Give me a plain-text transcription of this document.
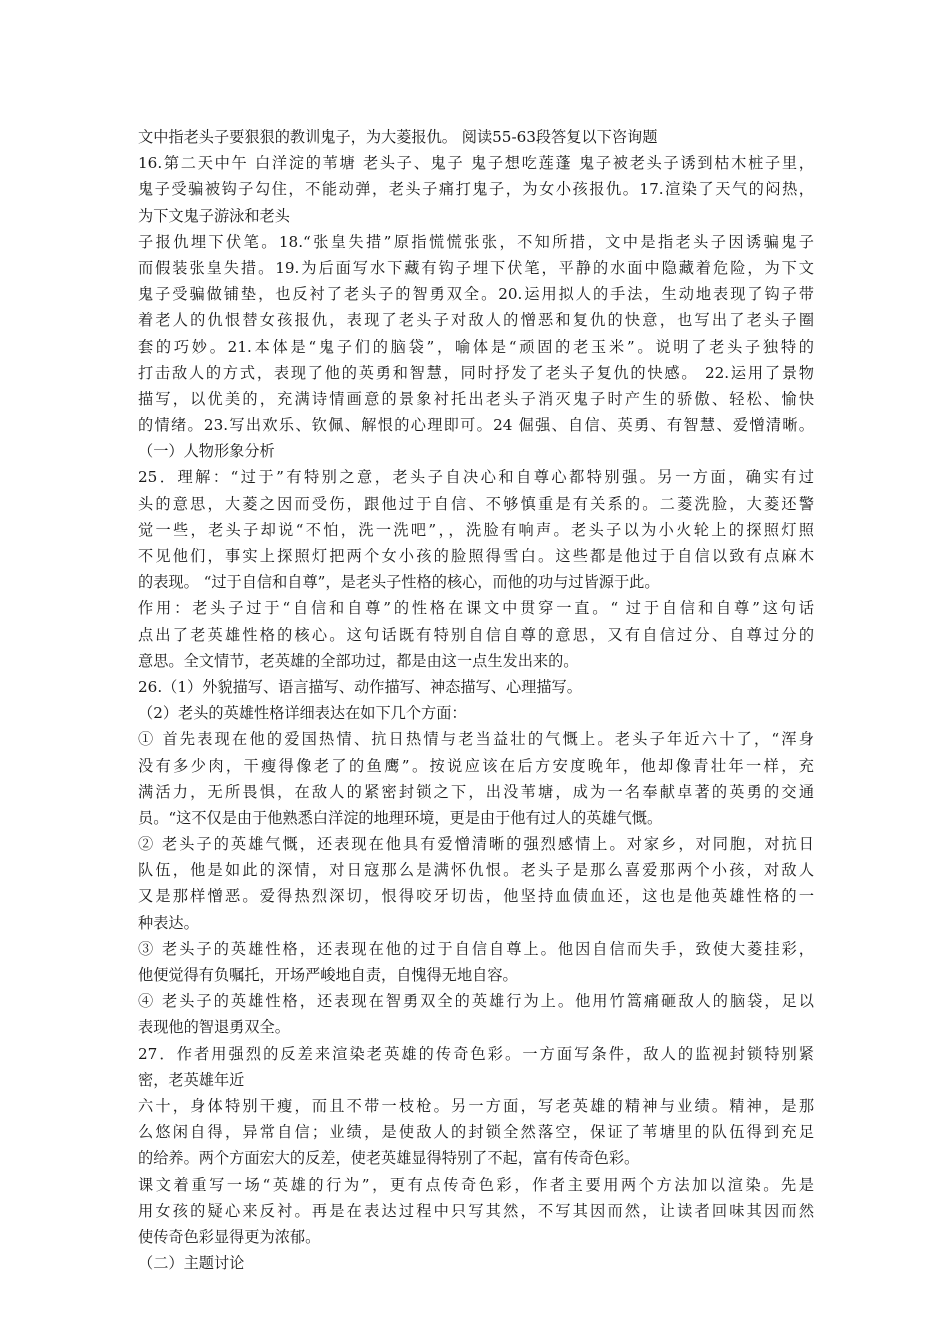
文中指老头子要狠狠的教训鬼子，为大菱报仇。 阅读55-63段答复以下咨询题
16.第二天中午 白洋淀的苇塘 老头子、鬼子 鬼子想吃莲蓬 鬼子被老头子诱到枯木桩子里，
鬼子受骗被钩子勾住，不能动弹，老头子痛打鬼子，为女小孩报仇。17.渲染了天气的闷热，
为下文鬼子游泳和老头
子报仇埋下伏笔。18.“张皇失措”原指慌慌张张，不知所措，文中是指老头子因诱骗鬼子
而假装张皇失措。19.为后面写水下藏有钩子埋下伏笔，平静的水面中隐藏着危险，为下文
鬼子受骗做铺垫，也反衬了老头子的智勇双全。20.运用拟人的手法，生动地表现了钩子带
着老人的仇恨替女孩报仇，表现了老头子对敌人的憎恶和复仇的快意，也写出了老头子圈
套的巧妙。21.本体是“鬼子们的脑袋”，喻体是“顽固的老玉米”。说明了老头子独特的
打击敌人的方式，表现了他的英勇和智慧，同时抒发了老头子复仇的快感。 22.运用了景物
描写，以优美的，充满诗情画意的景象衬托出老头子消灭鬼子时产生的骄傲、轻松、愉快
的情绪。23.写出欢乐、钦佩、解恨的心理即可。24 倔强、自信、英勇、有智慧、爱憎清晰。
（一）人物形象分析
25．理解：“过于”有特别之意，老头子自决心和自尊心都特别强。另一方面，确实有过
头的意思，大菱之因而受伤，跟他过于自信、不够慎重是有关系的。二菱洗脸，大菱还警
觉一些，老头子却说“不怕，洗一洗吧”，，洗脸有响声。老头子以为小火轮上的探照灯照
不见他们，事实上探照灯把两个女小孩的脸照得雪白。这些都是他过于自信以致有点麻木
的表现。 “过于自信和自尊”，是老头子性格的核心，而他的功与过皆源于此。
作用：老头子过于“自信和自尊”的性格在课文中贯穿一直。“ 过于自信和自尊”这句话
点出了老英雄性格的核心。这句话既有特别自信自尊的意思，又有自信过分、自尊过分的
意思。全文情节，老英雄的全部功过，都是由这一点生发出来的。
26.（1）外貌描写、语言描写、动作描写、神态描写、心理描写。
（2）老头的英雄性格详细表达在如下几个方面：
① 首先表现在他的爱国热情、抗日热情与老当益壮的气慨上。老头子年近六十了，“浑身
没有多少肉，干瘦得像老了的鱼鹰”。按说应该在后方安度晚年，他却像青壮年一样，充
满活力，无所畏惧，在敌人的紧密封锁之下，出没苇塘，成为一名奉献卓著的英勇的交通
员。“这不仅是由于他熟悉白洋淀的地理环境，更是由于他有过人的英雄气慨。
② 老头子的英雄气慨，还表现在他具有爱憎清晰的强烈感情上。对家乡，对同胞，对抗日
队伍，他是如此的深情，对日寇那么是满怀仇恨。老头子是那么喜爱那两个小孩，对敌人
又是那样憎恶。爱得热烈深切，恨得咬牙切齿，他坚持血债血还，这也是他英雄性格的一
种表达。
③ 老头子的英雄性格，还表现在他的过于自信自尊上。他因自信而失手，致使大菱挂彩，
他便觉得有负嘱托，开场严峻地自责，自愧得无地自容。
④ 老头子的英雄性格，还表现在智勇双全的英雄行为上。他用竹篙痛砸敌人的脑袋，足以
表现他的智退勇双全。
27．作者用强烈的反差来渲染老英雄的传奇色彩。一方面写条件，敌人的监视封锁特别紧
密，老英雄年近
六十，身体特别干瘦，而且不带一枝枪。另一方面，写老英雄的精神与业绩。精神，是那
么悠闲自得，异常自信；业绩，是使敌人的封锁全然落空，保证了苇塘里的队伍得到充足
的给养。两个方面宏大的反差，使老英雄显得特别了不起，富有传奇色彩。
课文着重写一场“英雄的行为”，更有点传奇色彩，作者主要用两个方法加以渲染。先是
用女孩的疑心来反衬。再是在表达过程中只写其然，不写其因而然，让读者回味其因而然
使传奇色彩显得更为浓郁。
（二）主题讨论
